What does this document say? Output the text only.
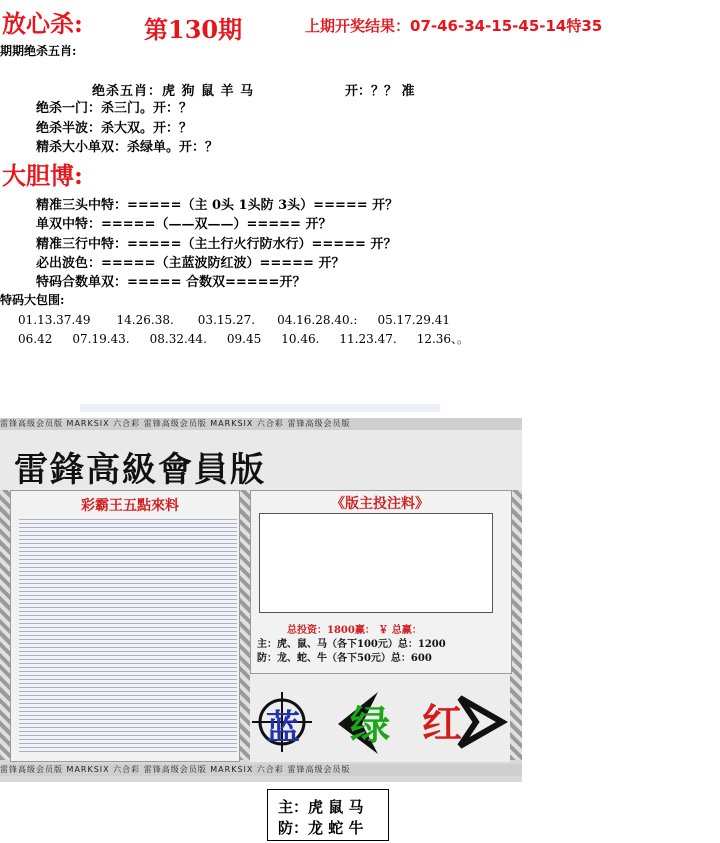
放心杀:	第130期	上期开奖结果：07-46-34-15-45-14特35
期期绝杀五肖:
绝杀五肖：虎 狗 鼠 羊 马	开：？？ 准
绝杀一门：杀三门。开：？
绝杀半波：杀大双。开：？
精杀大小单双：杀绿单。开：？
大胆博:
精准三头中特：=====（主 0头 1头防 3头）===== 开？
单双中特：=====（——双——）===== 开？
精准三行中特：=====（主土行火行防水行）===== 开？
必出波色：=====（主蓝波防红波）===== 开？
特码合数单双：===== 合数双=====开？
特码大包围:
01.13.37.49 14.26.38. 03.15.27. 04.16.28.40.: 05.17.29.41
06.42 07.19.43. 08.32.44. 09.45 10.46. 11.23.47. 12.36、。
雷锋高级会员版 MARKSIX 六合彩 雷锋高级会员版 MARKSIX 六合彩 雷锋高级会员版
雷鋒高級會員版
彩霸王五點來料	《版主投注料》
总投资：1800赢： ￥ 总赢：
主：虎、鼠、马（各下100元）总：1200
防：龙、蛇、牛（各下50元）总：600
蓝 绿 红
雷锋高级会员版 MARKSIX 六合彩 雷锋高级会员版 MARKSIX 六合彩 雷锋高级会员版
主：虎 鼠 马
防：龙 蛇 牛
